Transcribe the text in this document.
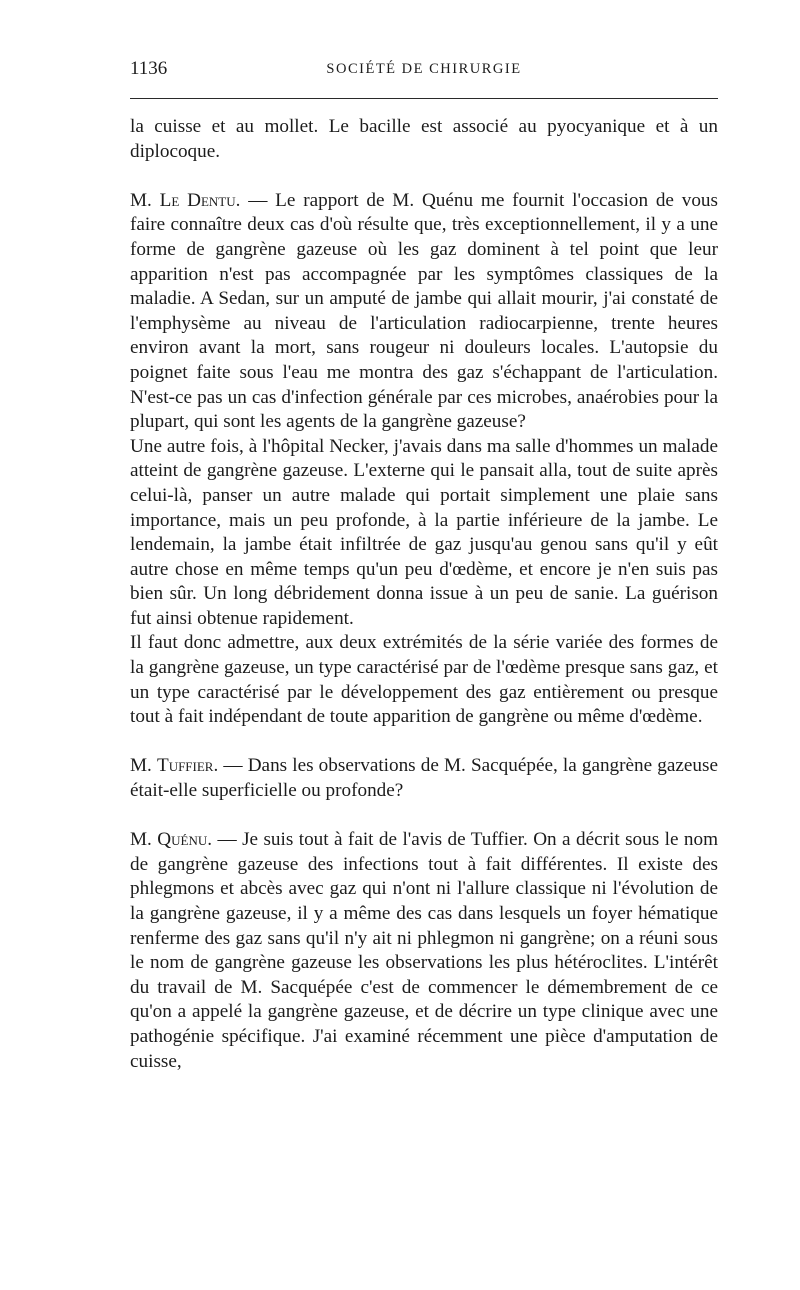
1136	SOCIÉTÉ DE CHIRURGIE

la cuisse et au mollet. Le bacille est associé au pyocyanique et à un diplocoque.

M. Le Dentu. — Le rapport de M. Quénu me fournit l'occasion de vous faire connaître deux cas d'où résulte que, très exceptionnellement, il y a une forme de gangrène gazeuse où les gaz dominent à tel point que leur apparition n'est pas accompagnée par les symptômes classiques de la maladie. A Sedan, sur un amputé de jambe qui allait mourir, j'ai constaté de l'emphysème au niveau de l'articulation radiocarpienne, trente heures environ avant la mort, sans rougeur ni douleurs locales. L'autopsie du poignet faite sous l'eau me montra des gaz s'échappant de l'articulation. N'est-ce pas un cas d'infection générale par ces microbes, anaérobies pour la plupart, qui sont les agents de la gangrène gazeuse?

Une autre fois, à l'hôpital Necker, j'avais dans ma salle d'hommes un malade atteint de gangrène gazeuse. L'externe qui le pansait alla, tout de suite après celui-là, panser un autre malade qui portait simplement une plaie sans importance, mais un peu profonde, à la partie inférieure de la jambe. Le lendemain, la jambe était infiltrée de gaz jusqu'au genou sans qu'il y eût autre chose en même temps qu'un peu d'œdème, et encore je n'en suis pas bien sûr. Un long débridement donna issue à un peu de sanie. La guérison fut ainsi obtenue rapidement.

Il faut donc admettre, aux deux extrémités de la série variée des formes de la gangrène gazeuse, un type caractérisé par de l'œdème presque sans gaz, et un type caractérisé par le développement des gaz entièrement ou presque tout à fait indépendant de toute apparition de gangrène ou même d'œdème.

M. Tuffier. — Dans les observations de M. Sacquépée, la gangrène gazeuse était-elle superficielle ou profonde?

M. Quénu. — Je suis tout à fait de l'avis de Tuffier. On a décrit sous le nom de gangrène gazeuse des infections tout à fait différentes. Il existe des phlegmons et abcès avec gaz qui n'ont ni l'allure classique ni l'évolution de la gangrène gazeuse, il y a même des cas dans lesquels un foyer hématique renferme des gaz sans qu'il n'y ait ni phlegmon ni gangrène; on a réuni sous le nom de gangrène gazeuse les observations les plus hétéroclites. L'intérêt du travail de M. Sacquépée c'est de commencer le démembrement de ce qu'on a appelé la gangrène gazeuse, et de décrire un type clinique avec une pathogénie spécifique. J'ai examiné récemment une pièce d'amputation de cuisse,
